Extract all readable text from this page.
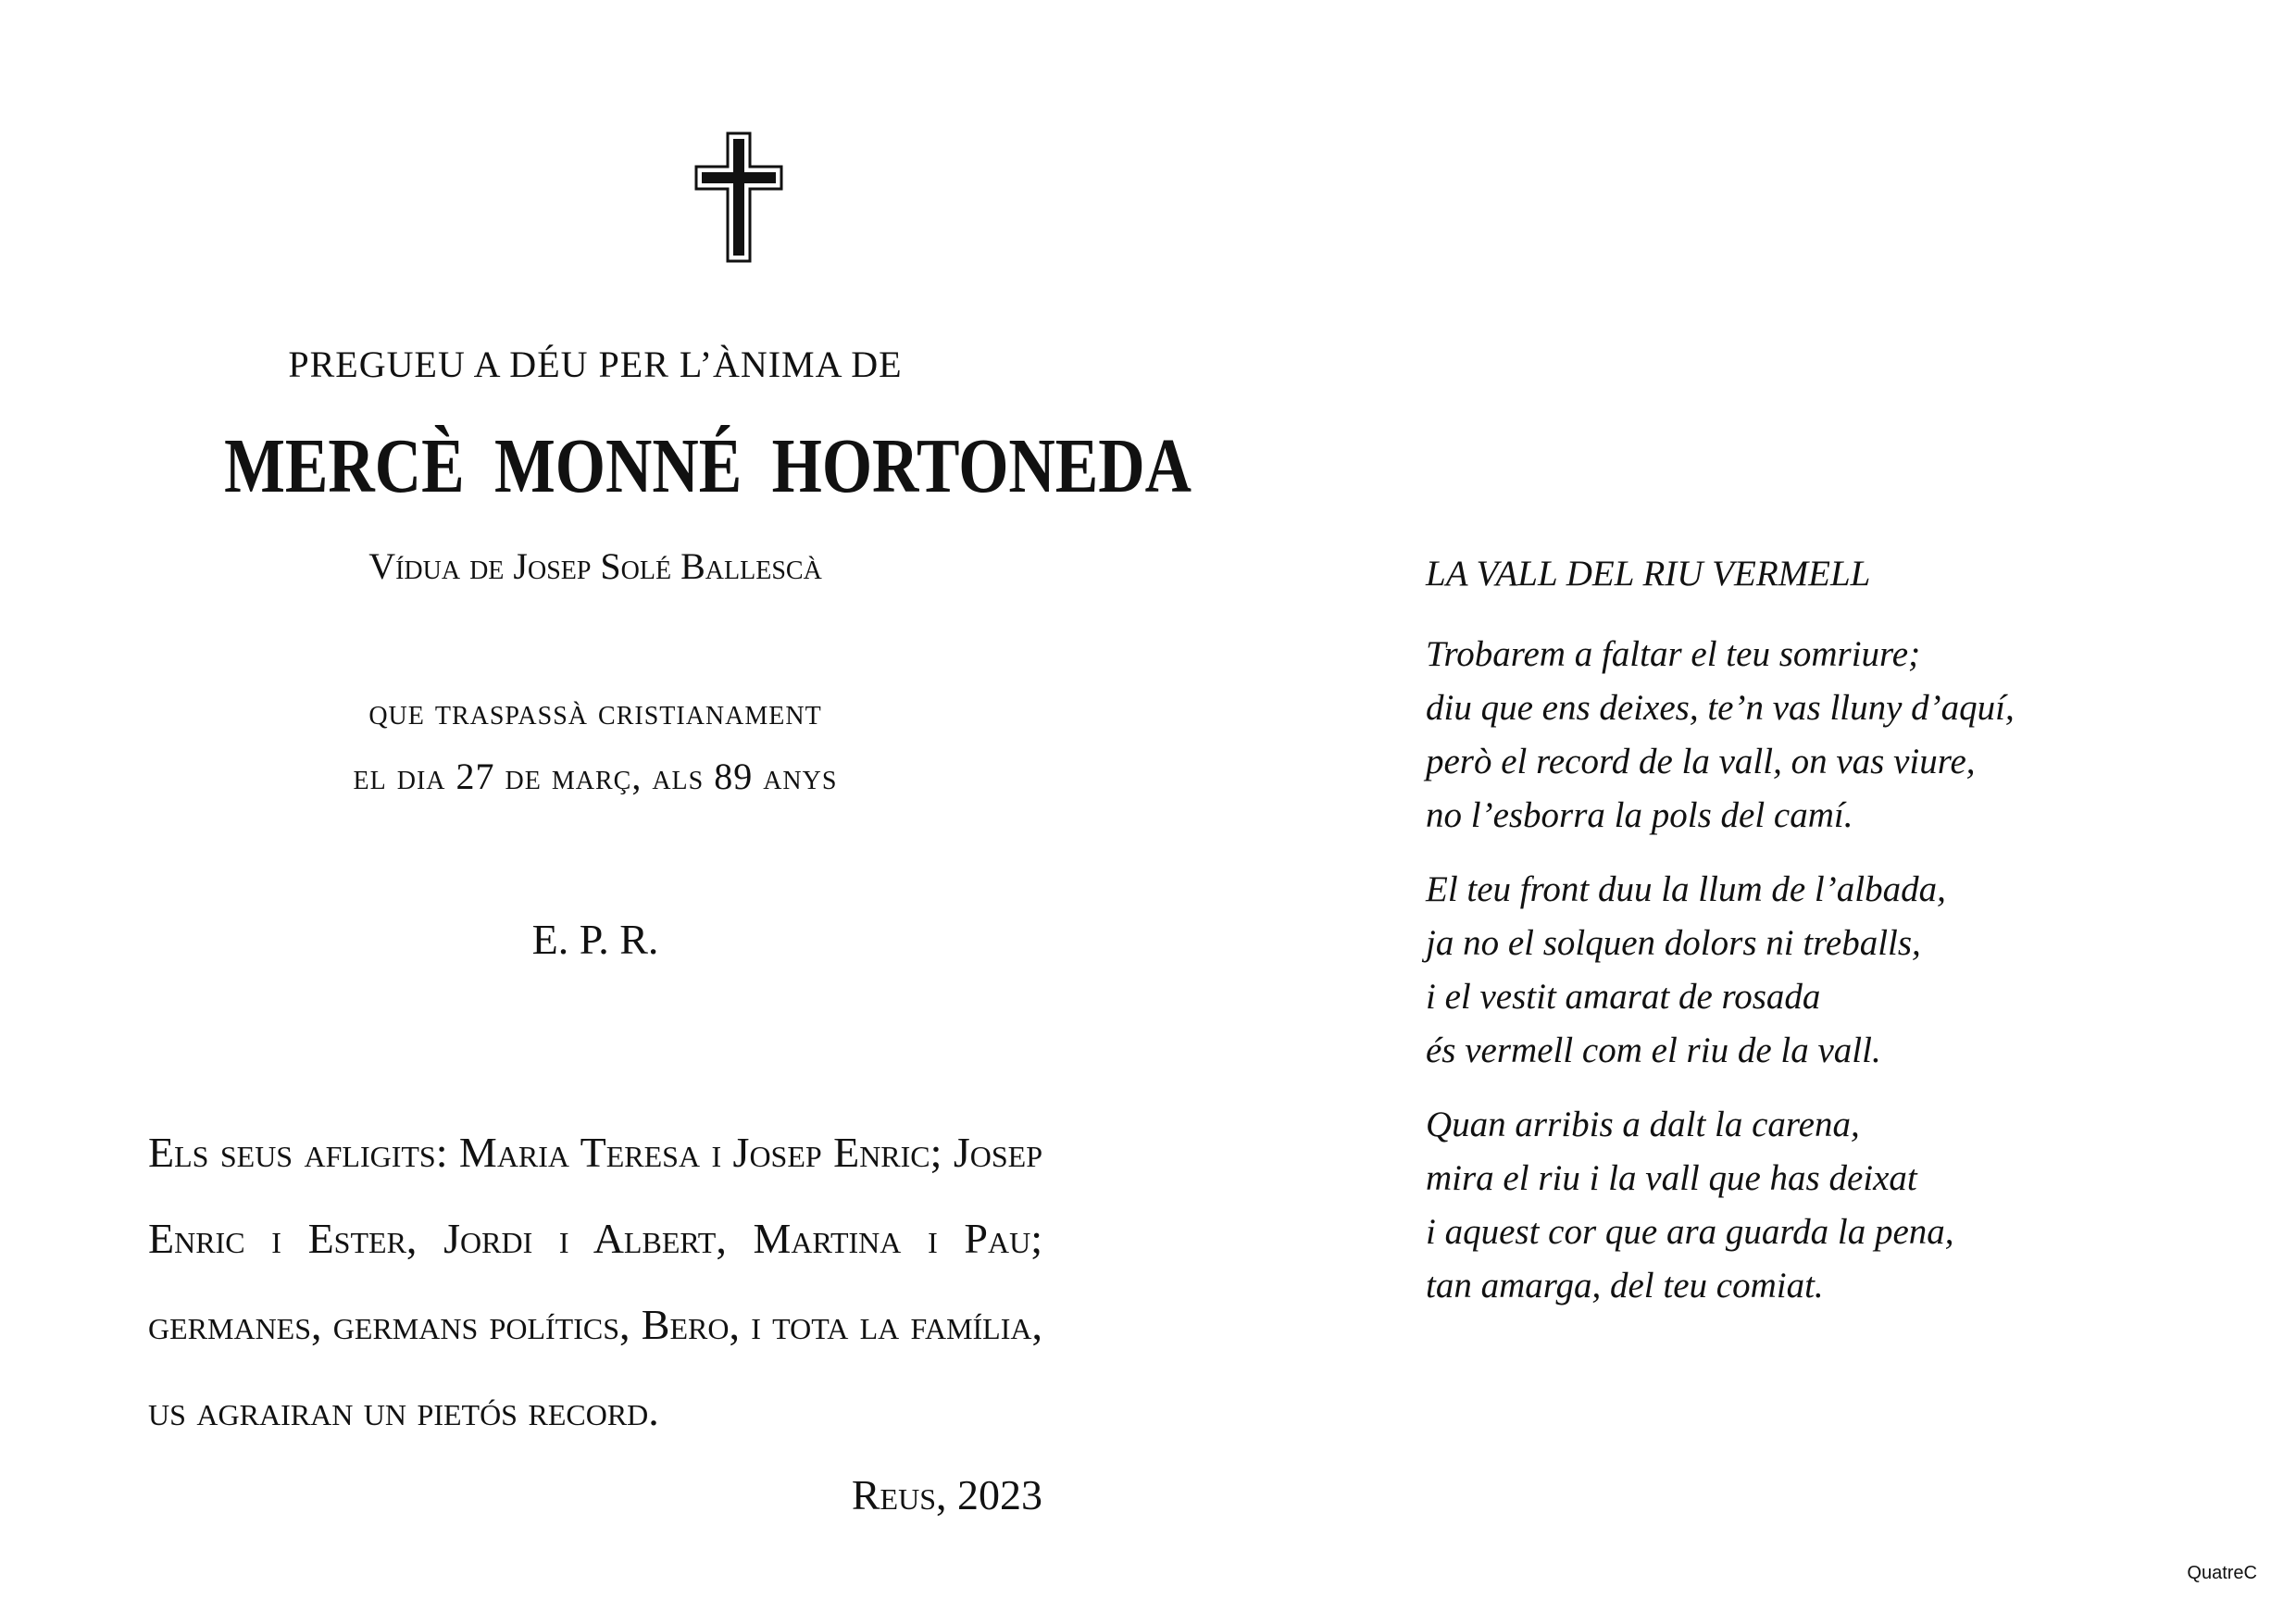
PREGUEU A DÉU PER L’ÀNIMA DE
MERCÈ MONNÉ HORTONEDA
Vídua de Josep Solé Ballescà
que traspassà cristianament
el dia 27 de març, als 89 anys
E. P. R.
Els seus afligits: Maria Teresa i Josep Enric; Josep Enric i Ester, Jordi i Albert, Martina i Pau; germanes, germans polítics, Bero, i tota la família, us agrairan un pietós record.
Reus, 2023
LA VALL DEL RIU VERMELL
Trobarem a faltar el teu somriure;
diu que ens deixes, te’n vas lluny d’aquí,
però el record de la vall, on vas viure,
no l’esborra la pols del camí.
El teu front duu la llum de l’albada,
ja no el solquen dolors ni treballs,
i el vestit amarat de rosada
és vermell com el riu de la vall.
Quan arribis a dalt la carena,
mira el riu i la vall que has deixat
i aquest cor que ara guarda la pena,
tan amarga, del teu comiat.
QuatreC
